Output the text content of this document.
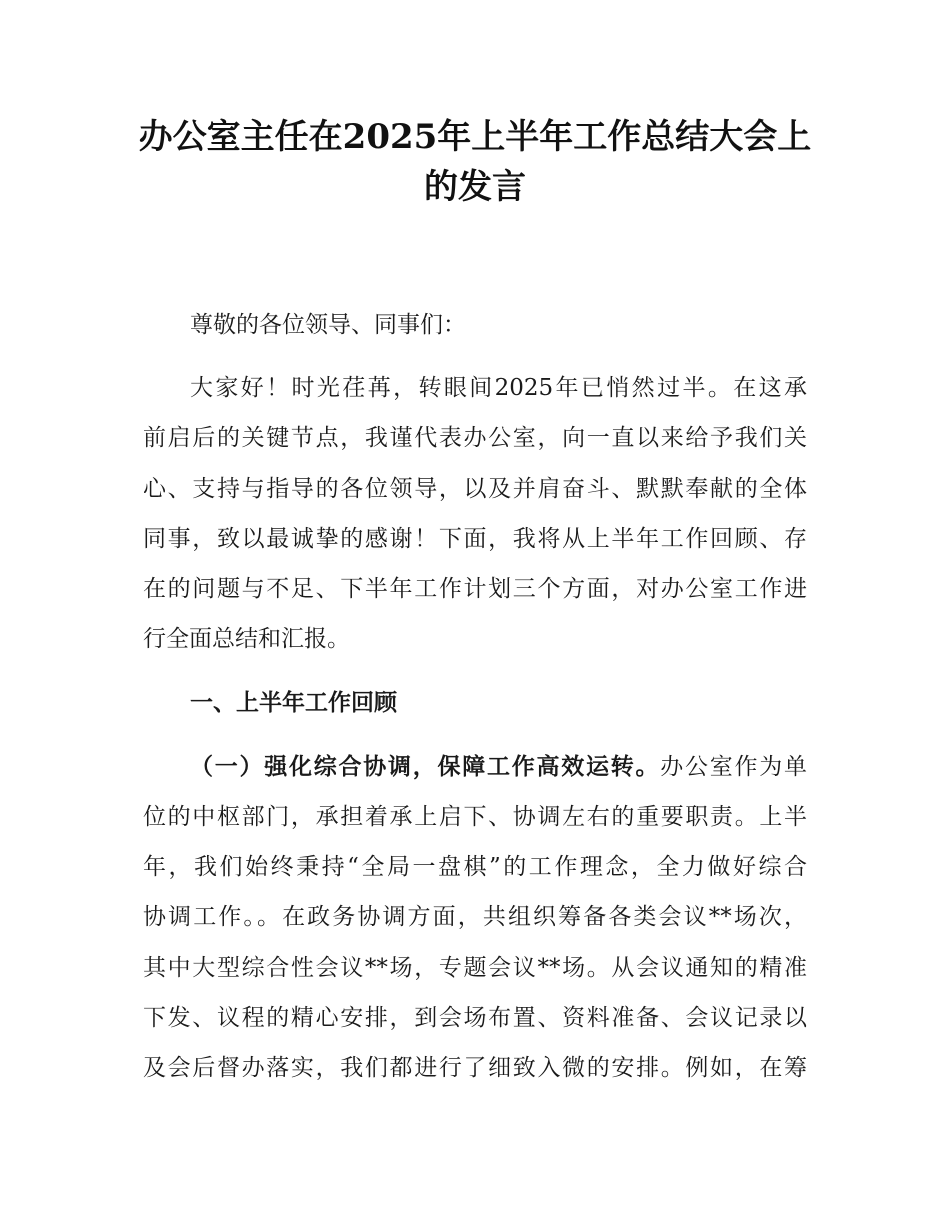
办公室主任在2025年上半年工作总结大会上
的发言

尊敬的各位领导、同事们：

大家好！时光荏苒，转眼间2025年已悄然过半。在这承

前启后的关键节点，我谨代表办公室，向一直以来给予我们关

心、支持与指导的各位领导，以及并肩奋斗、默默奉献的全体

同事，致以最诚挚的感谢！下面，我将从上半年工作回顾、存

在的问题与不足、下半年工作计划三个方面，对办公室工作进

行全面总结和汇报。

一、上半年工作回顾

（一）强化综合协调，保障工作高效运转。办公室作为单

位的中枢部门，承担着承上启下、协调左右的重要职责。上半

年，我们始终秉持“全局一盘棋”的工作理念，全力做好综合

协调工作。。在政务协调方面，共组织筹备各类会议**场次，

其中大型综合性会议**场，专题会议**场。从会议通知的精准

下发、议程的精心安排，到会场布置、资料准备、会议记录以

及会后督办落实，我们都进行了细致入微的安排。例如，在筹
